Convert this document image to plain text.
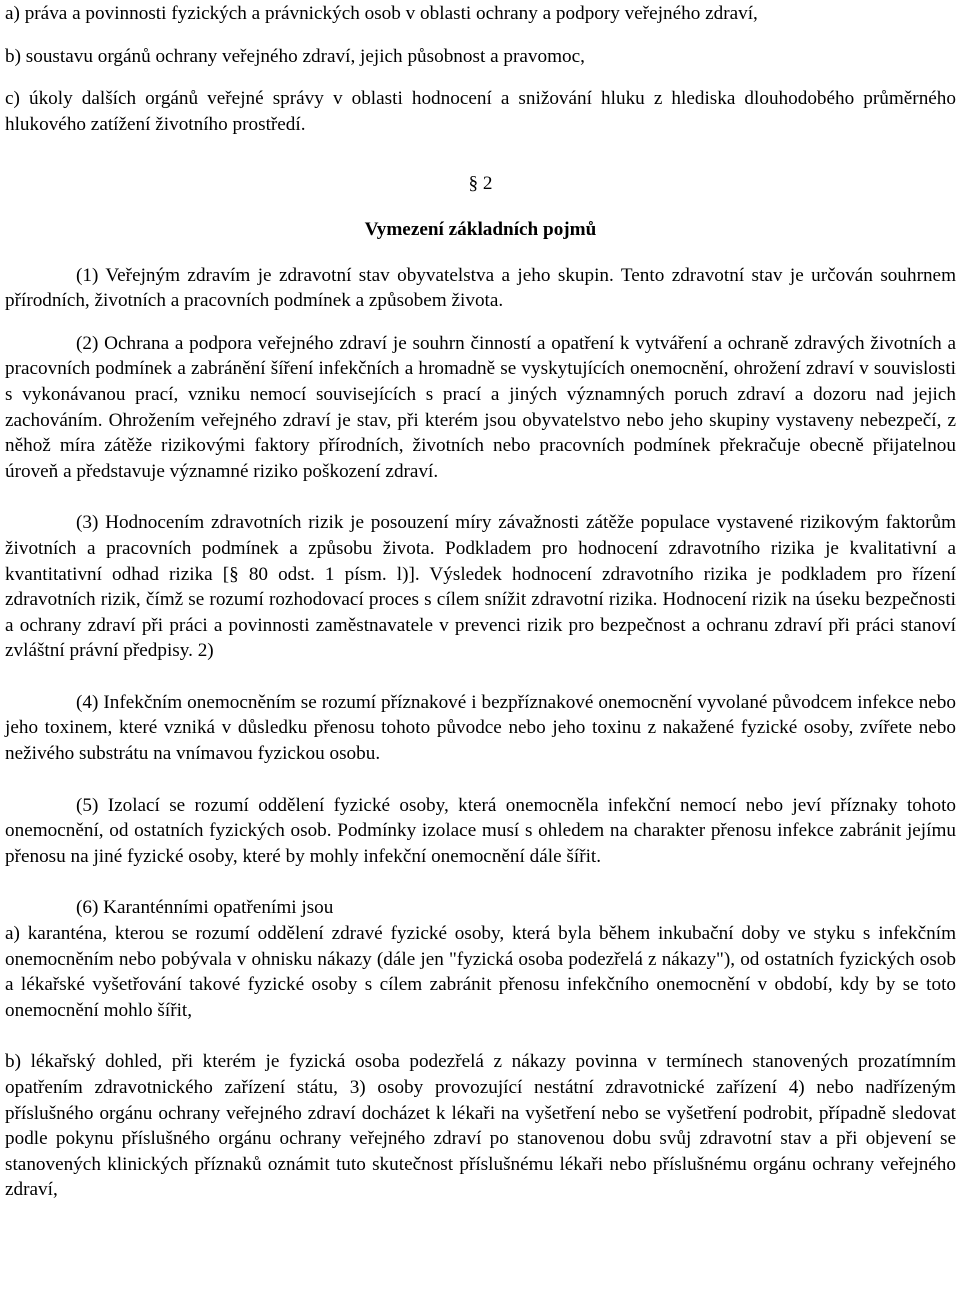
a) práva a povinnosti fyzických a právnických osob v oblasti ochrany a podpory veřejného zdraví,

b) soustavu orgánů ochrany veřejného zdraví, jejich působnost a pravomoc,

c) úkoly dalších orgánů veřejné správy v oblasti hodnocení a snižování hluku z hlediska dlouhodobého průměrného hlukového zatížení životního prostředí.

§ 2

Vymezení základních pojmů

(1) Veřejným zdravím je zdravotní stav obyvatelstva a jeho skupin. Tento zdravotní stav je určován souhrnem přírodních, životních a pracovních podmínek a způsobem života.

(2) Ochrana a podpora veřejného zdraví je souhrn činností a opatření k vytváření a ochraně zdravých životních a pracovních podmínek a zabránění šíření infekčních a hromadně se vyskytujících onemocnění, ohrožení zdraví v souvislosti s vykonávanou prací, vzniku nemocí souvisejících s prací a jiných významných poruch zdraví a dozoru nad jejich zachováním. Ohrožením veřejného zdraví je stav, při kterém jsou obyvatelstvo nebo jeho skupiny vystaveny nebezpečí, z něhož míra zátěže rizikovými faktory přírodních, životních nebo pracovních podmínek překračuje obecně přijatelnou úroveň a představuje významné riziko poškození zdraví.

(3) Hodnocením zdravotních rizik je posouzení míry závažnosti zátěže populace vystavené rizikovým faktorům životních a pracovních podmínek a způsobu života. Podkladem pro hodnocení zdravotního rizika je kvalitativní a kvantitativní odhad rizika [§ 80 odst. 1 písm. l)]. Výsledek hodnocení zdravotního rizika je podkladem pro řízení zdravotních rizik, čímž se rozumí rozhodovací proces s cílem snížit zdravotní rizika. Hodnocení rizik na úseku bezpečnosti a ochrany zdraví při práci a povinnosti zaměstnavatele v prevenci rizik pro bezpečnost a ochranu zdraví při práci stanoví zvláštní právní předpisy. 2)

(4) Infekčním onemocněním se rozumí příznakové i bezpříznakové onemocnění vyvolané původcem infekce nebo jeho toxinem, které vzniká v důsledku přenosu tohoto původce nebo jeho toxinu z nakažené fyzické osoby, zvířete nebo neživého substrátu na vnímavou fyzickou osobu.

(5) Izolací se rozumí oddělení fyzické osoby, která onemocněla infekční nemocí nebo jeví příznaky tohoto onemocnění, od ostatních fyzických osob. Podmínky izolace musí s ohledem na charakter přenosu infekce zabránit jejímu přenosu na jiné fyzické osoby, které by mohly infekční onemocnění dále šířit.

(6) Karanténními opatřeními jsou

a) karanténa, kterou se rozumí oddělení zdravé fyzické osoby, která byla během inkubační doby ve styku s infekčním onemocněním nebo pobývala v ohnisku nákazy (dále jen "fyzická osoba podezřelá z nákazy"), od ostatních fyzických osob a lékařské vyšetřování takové fyzické osoby s cílem zabránit přenosu infekčního onemocnění v období, kdy by se toto onemocnění mohlo šířit,

b) lékařský dohled, při kterém je fyzická osoba podezřelá z nákazy povinna v termínech stanovených prozatímním opatřením zdravotnického zařízení státu, 3) osoby provozující nestátní zdravotnické zařízení 4) nebo nadřízeným příslušného orgánu ochrany veřejného zdraví docházet k lékaři na vyšetření nebo se vyšetření podrobit, případně sledovat podle pokynu příslušného orgánu ochrany veřejného zdraví po stanovenou dobu svůj zdravotní stav a při objevení se stanovených klinických příznaků oznámit tuto skutečnost příslušnému lékaři nebo příslušnému orgánu ochrany veřejného zdraví,
